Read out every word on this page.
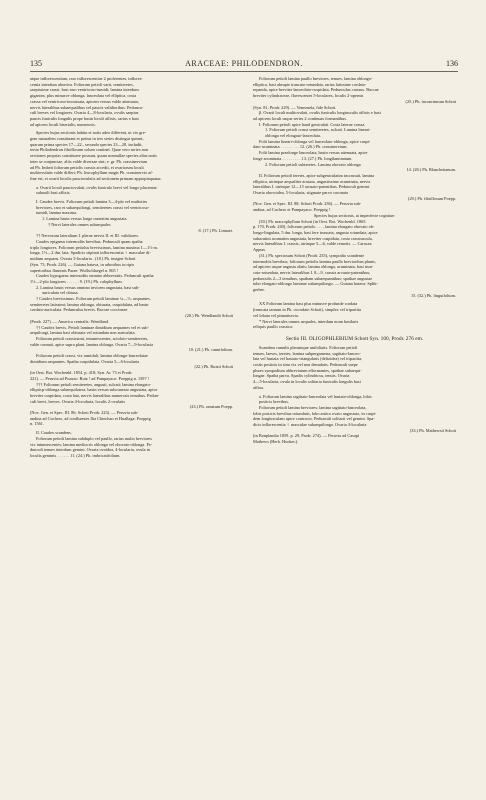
135	ARACEAE: PHILODENDRON.	136

atque inflorescentiam, raro inflorescentiae 2 proferentes, inflores-

centia interdum abortiva. Foliorum petioli varii, semiteretes,

saepissime crassi, basi raro ventricoso-tumidi; lamina interdum

gigantea, plus minusve oblonga, lanceolata vel elliptica, costa

crassa vel ventricoso-incrassata, apicem versus valde attenuata,

nervis lateralibus subaequalibus vel paucis validioribus. Peduncu-

culi breves vel longiores. Ovaria 4—8-locularia, ovulis saepius

paucis funiculis longulis prope basin loculi affixis, rarius e basi

ad apicem loculi biserialis, numerosis.

Species hujus sectionis habitu et notis adeo different, ut vix gre-

gem naturalem constituant et potius in tres series distingui queant,

quarum prima species 17—22., secunda species 23—28. includit,

tertia Philodendron fibrillosum solum continet. Quae vero series non

sectiones proprias constituere possunt, quum nonnullae species alias notis

inter se conjunctae, aliis valde diversae sint; e. gr. Ph. crassinervium

ad Ph. Imbeii foliorum petiolis crassis accedit, et ovariorum loculi

multiovulatis valde differt; Ph. leucophyllum magis Ph. crassinervio af-

fine est, et ovarii loculis pauciovulatis ad sectionem primam appropinquatur.

a. Ovarii loculi pauciovulati, ovulis funiculo brevi vel longo placentae

subaxili basi affixis.

I. Caudex brevis. Foliorum petioli lamina 3—4-plo vel multoties

breviores, raro et subaequilongi, semiteretes crassi vel ventricoso-

tumidi, lamina maxima.

1. Lamina basin versus longe cuneatim angustata.

† Nervi laterales omnes subaequales

8. (17.) Ph. Linnaei.

†† Nervorum lateralium I. plerae nervis II. et III. validiores.

Caudex epigaeus internodiis brevibus. Pedunculi quam spatha

triplo longiores. Foliorum petiolus brevissimus, lamina maxima 1—1½ m.

longa, 1½—2 dm. lata. Spadicis stipitati inflorescentia ♀ masculae di-

midium aequans. Ovaria 5-locularia . (18.) Ph. insigne Schott

(Syn. 73, Prodr. 226). — Guiana batava, in arboribus in ripis

superioribus fluminis Parae: Wullschlaegel n. 865 !

Caudex hypogaeus internodiis omnino abbreviatis. Pedunculi spatha

1½—2-plo longiores . . . . . . 9. (19.) Ph. calophyllum.

2. Lamina basin versus omnino invicem angustata, basi sub-

auriculata vel obtusa.

† Caudex brevissimus. Foliorum petioli laminae ¼—⅓, aequantes,

semiteretes latissimi; lamina oblonga, obtusata, cuspidulata, ad basin

cordato-auriculata. Pedunculus brevis. Baccae coccineae

(20.) Ph. Wendlandii Schott

(Prodr. 227). — America centralis: Wendland.

†† Caudex brevis. Petioli laminae dimidium aequantes vel et sub-

aequilongi, lamina basi obtusata vel rotundata non auriculata.

Foliorum petioli crassissimi, intumescentes, acioloto-semiteretes,

valde connati, apice supra plani, lamina oblonga. Ovaria 7—9-locularia

10. (21.) Ph. cannifolium.

Foliorum petioli crassi, vix tumiduli, lamina oblongo-lanceolatae

dimidium aequantes. Spatha cuspidulata. Ovaria 5—6-locularia

(22.) Ph. Ruizii Schott

(in Oest. Bot. Wochenbl. 1854. p. 418; Syn. Ar. 73 et Prodr.

221). — Peruvia ad Pozuzo: Ruiz ! ad Pampayaco: Poeppig n. 1397 !

††† Foliorum petioli semiteretes, angusti, sulcati; lamina elongato-

ellipticp-oblonga subaequilatera, basin versus subcuneato angustata, apice

breviter cuspidata, costa lata, nervis lateralibus numerosis tenuibus. Pedun-

culi brevi, breves. Ovaria 4-locularia, loculis 2-ovulatis

(23.) Ph. ornatum Poepp.

[Nov. Gen. et Spec. III. 86; Schott Prodr. 223). — Peruvia sub-

andina ad Cuchero, ad confluentes Ilia Chinchao et Huallaga: Poeppig

n. 1561.

II. Caudex scandens.

Foliorum petioli lamina subduplo vel paullo, rarius multo breviores

vix intumescentes; lamina mediocris oblonga vel obovato-oblonga. Pe-

dunculi tenues interdum gemini. Ovaria ovoidea, 4-locularia, ovula in

loculis geminis . . . . . . 11. (24.) Ph. imbricatifolium.

Foliorum petioli lamina paullo breviores, tenues; lamina oblongo-

elliptica, basi abrupte truncato-rotundata, rarius latissime cordato-

repanda, apice breviter lanceolato-cuspidata. Pedunculus crassus. Baccae

breviter cylindraceae, flavescentes 5-loculares, loculis 2-opernis

(25.) Ph. inconcinnum Schott

(Syn. 81, Prodr. 229). — Venezuela, fide Schott.

β. Ovarii loculi multiovulati, ovulis funiculis longiusculis affixis e basi

ad apicem loculi usque series 2 continuas formantibus.

I. Foliorum petioli apice haud geniculati. Costa laterae crassa.

1. Foliorum petioli crassi semiteretes, sulcati. Lamina lineari-

oblonga vel elongato-lanceolata.

Folii lamina lineari-oblonga vel lanceolato-oblonga, apice cuspi-

dato-acuminata . . . . . . . . . 12. (26.) Ph. crassinervium.

Folii lamina praelonge lanceolata, basin versus attenuata, apice

longe acuminata . . . . . . . . . 13. (27.) Ph. longilaminatum.

2. Foliorum petioli subteretes. Lamina obovato oblonga

14. (28.) Ph. Blanchetianum.

II. Foliorum petioli teretes, apice subgeniculatim incrassati, lamina

elliptica, utrinque aequaliter acutata, angustissime acuminata, nervis

lateralibus I. utrinque 12—15 arcuato-patentibus. Pedunculi gemini.

Ovaria obovoidea, 5-locularia, stigmate parvo coronata

(29.) Ph. fibrillosum Poepp.

(Nov. Gen. et Spec. III. 88; Schott Prodr. 236). — Peruvia sub-

andina, ad Cuchero et Pampayaco: Poeppig !

Species hujus sectionis, at imperfecte cognitae:

(30.) Ph. macrophyllum Schott (in Oest. Bot. Wochenbl. 1865.

p. 170, Prodr. 240), foliorum petiolo . . . , lamina elongato obovato ob-

longo-lingulata, 5 dm. longa, basi fere truncata, angusto rotundata, apice

subacutim acumatim angustata, breviter cuspidata, costa crassiuscula,

nervis lateralibus I. crassis, utrinque 5—6, valde remotis. — Caracas:

Appun.

(31.) Ph. speciosum Schott (Prodr. 235), sympodio scandente

internodiis brevibus; foliorum petiolis lamina paullo brevioribus planis,

ad apicem usque angusta alatis; lamina oblonga, acuminata, basi trun-

cato-rotundata, nervis lateralibus I. 8—9, crassis arcuato-patentibus;

pedunculis 2—3 tenuibus, spatham subaequantibus; spathae angustae

tubo elongato-oblongo laminae subaequilongo. — Guiana batava: Splitt-

gerber.

15. (32.) Ph. linguifolium.

XX Foliorum lamina basi plus minusve profunde cordata

(truncata tantum in Ph. cicordato Schott), simplex vel tripartita

vel lobata vel pinnatisecta.

* Nervi laterales omnes aequales, interdum nonn basilaris

reliquis paullo crassior.

Sectio III. OLIGOPHLEBIUM Schott Syn. 100, Prodr. 276 em.

Scandens ramulis plerumque unifoliatis. Foliorum petioli

tenues, laeves, teretes; lamina subpergamena, sagittato-lanceo-

lata vel hastata vel hastato-triangularis (deltoidea) vel tripartita,

costis postiois in sinu vix vel non denudatis. Pedunculi saepe

plures sympodium abbreviatum efformantes, spathae subaequi-

longae. Spatha parva. Spadix cylindricus, tenuis. Ovaria

4—5-locularia; ovula in loculis solitaria funiculis longulis basi

affixa.

a. Foliorum lamina sagittato-lanceolata vel hastato-oblonga, lobis

posticis brevibus.

Foliorum petioli lamina breviores; lamina sagittato-lanceolata,

lobis posticis brevibus rotundatis, lobo antico ovato angustato, in cuspi-

dem longiusculam apice contracto. Pedunculi solitarii vel gemini. Spa-

dicis inflorescentia ♀ masculae subaequilonga. Ovaria 4-locularia

(33.) Ph. Mathewsii Schott

(in Bonplandia 1859. p. 29, Prodr. 274). — Peruvia ad Casapi

Mathews (Herb. Hooker.).
